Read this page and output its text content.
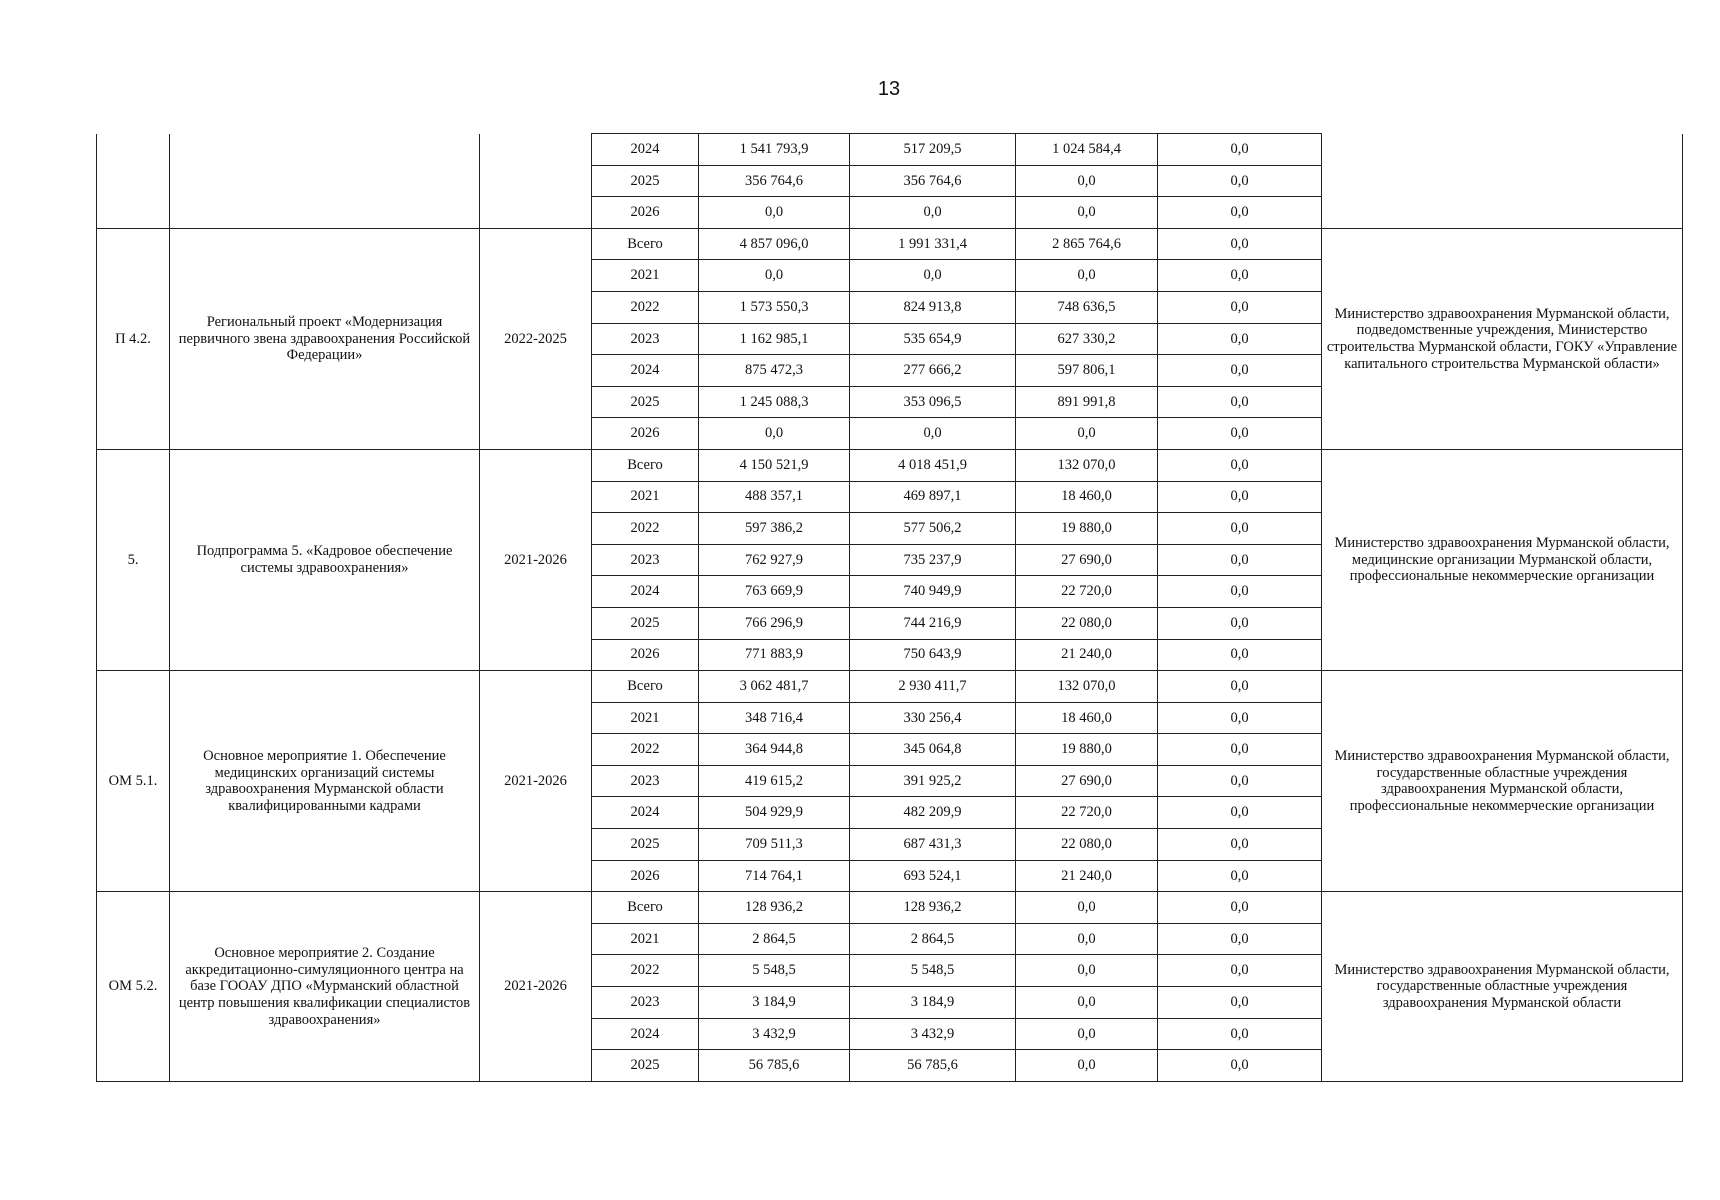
13
			2024	1 541 793,9	517 209,5	1 024 584,4	0,0	
			2025	356 764,6	356 764,6	0,0	0,0	
			2026	0,0	0,0	0,0	0,0	
П 4.2.	Региональный проект «Модернизация первичного звена здравоохранения Российской Федерации»	2022-2025	Всего	4 857 096,0	1 991 331,4	2 865 764,6	0,0	Министерство здравоохранения Мурманской области, подведомственные учреждения, Министерство строительства Мурманской области, ГОКУ «Управление капитального строительства Мурманской области»
			2021	0,0	0,0	0,0	0,0	
			2022	1 573 550,3	824 913,8	748 636,5	0,0	
			2023	1 162 985,1	535 654,9	627 330,2	0,0	
			2024	875 472,3	277 666,2	597 806,1	0,0	
			2025	1 245 088,3	353 096,5	891 991,8	0,0	
			2026	0,0	0,0	0,0	0,0	
5.	Подпрограмма 5. «Кадровое обеспечение системы здравоохранения»	2021-2026	Всего	4 150 521,9	4 018 451,9	132 070,0	0,0	Министерство здравоохранения Мурманской области, медицинские организации Мурманской области, профессиональные некоммерческие организации
			2021	488 357,1	469 897,1	18 460,0	0,0	
			2022	597 386,2	577 506,2	19 880,0	0,0	
			2023	762 927,9	735 237,9	27 690,0	0,0	
			2024	763 669,9	740 949,9	22 720,0	0,0	
			2025	766 296,9	744 216,9	22 080,0	0,0	
			2026	771 883,9	750 643,9	21 240,0	0,0	
ОМ 5.1.	Основное мероприятие 1. Обеспечение медицинских организаций системы здравоохранения Мурманской области квалифицированными кадрами	2021-2026	Всего	3 062 481,7	2 930 411,7	132 070,0	0,0	Министерство здравоохранения Мурманской области, государственные областные учреждения здравоохранения Мурманской области, профессиональные некоммерческие организации
			2021	348 716,4	330 256,4	18 460,0	0,0	
			2022	364 944,8	345 064,8	19 880,0	0,0	
			2023	419 615,2	391 925,2	27 690,0	0,0	
			2024	504 929,9	482 209,9	22 720,0	0,0	
			2025	709 511,3	687 431,3	22 080,0	0,0	
			2026	714 764,1	693 524,1	21 240,0	0,0	
ОМ 5.2.	Основное мероприятие 2. Создание аккредитационно-симуляционного центра на базе ГООАУ ДПО «Мурманский областной центр повышения квалификации специалистов здравоохранения»	2021-2026	Всего	128 936,2	128 936,2	0,0	0,0	Министерство здравоохранения Мурманской области, государственные областные учреждения здравоохранения Мурманской области
			2021	2 864,5	2 864,5	0,0	0,0	
			2022	5 548,5	5 548,5	0,0	0,0	
			2023	3 184,9	3 184,9	0,0	0,0	
			2024	3 432,9	3 432,9	0,0	0,0	
			2025	56 785,6	56 785,6	0,0	0,0	
